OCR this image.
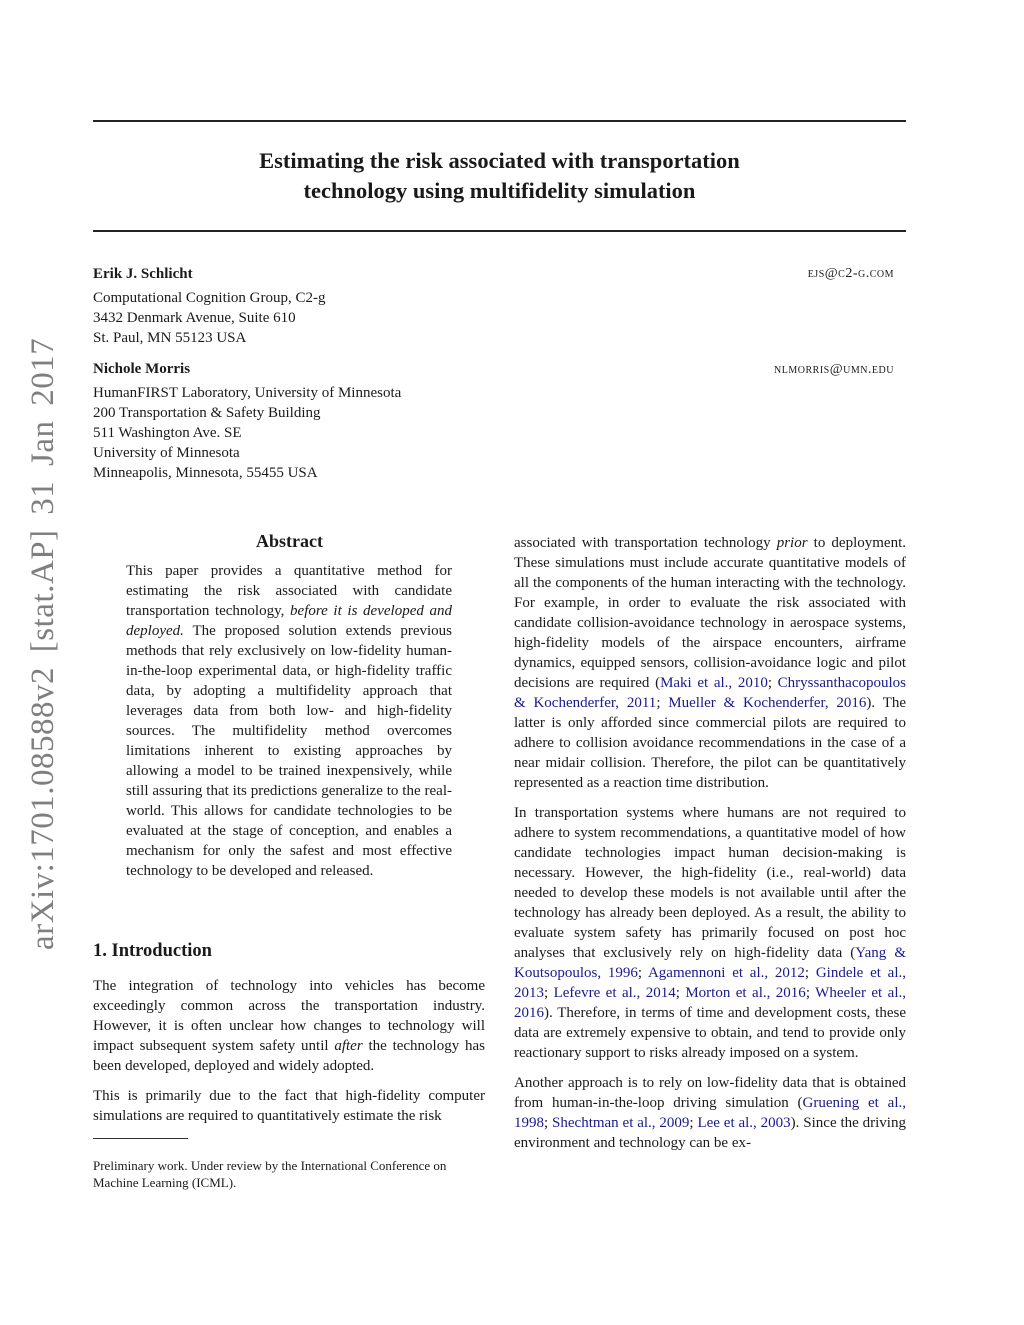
Estimating the risk associated with transportation
technology using multifidelity simulation
Erik J. Schlicht	ejs@c2-g.com
Computational Cognition Group, C2-g
3432 Denmark Avenue, Suite 610
St. Paul, MN 55123 USA
Nichole Morris	nlmorris@umn.edu
HumanFIRST Laboratory, University of Minnesota
200 Transportation & Safety Building
511 Washington Ave. SE
University of Minnesota
Minneapolis, Minnesota, 55455 USA
arXiv:1701.08588v2 [stat.AP] 31 Jan 2017	Abstract
This paper provides a quantitative method for estimating the risk associated with candidate transportation technology, before it is developed and deployed. The proposed solution extends previous methods that rely exclusively on low-fidelity human-in-the-loop experimental data, or high-fidelity traffic data, by adopting a multifidelity approach that leverages data from both low- and high-fidelity sources. The multifidelity method overcomes limitations inherent to existing approaches by allowing a model to be trained inexpensively, while still assuring that its predictions generalize to the real-world. This allows for candidate technologies to be evaluated at the stage of conception, and enables a mechanism for only the safest and most effective technology to be developed and released.
1. Introduction

The integration of technology into vehicles has become exceedingly common across the transportation industry. However, it is often unclear how changes to technology will impact subsequent system safety until after the technology has been developed, deployed and widely adopted.

This is primarily due to the fact that high-fidelity computer simulations are required to quantitatively estimate the risk

Preliminary work. Under review by the International Conference on Machine Learning (ICML).

associated with transportation technology prior to deployment. These simulations must include accurate quantitative models of all the components of the human interacting with the technology. For example, in order to evaluate the risk associated with candidate collision-avoidance technology in aerospace systems, high-fidelity models of the airspace encounters, airframe dynamics, equipped sensors, collision-avoidance logic and pilot decisions are required (Maki et al., 2010; Chryssanthacopoulos & Kochenderfer, 2011; Mueller & Kochenderfer, 2016). The latter is only afforded since commercial pilots are required to adhere to collision avoidance recommendations in the case of a near midair collision. Therefore, the pilot can be quantitatively represented as a reaction time distribution.

In transportation systems where humans are not required to adhere to system recommendations, a quantitative model of how candidate technologies impact human decision-making is necessary. However, the high-fidelity (i.e., real-world) data needed to develop these models is not available until after the technology has already been deployed. As a result, the ability to evaluate system safety has primarily focused on post hoc analyses that exclusively rely on high-fidelity data (Yang & Koutsopoulos, 1996; Agamennoni et al., 2012; Gindele et al., 2013; Lefevre et al., 2014; Morton et al., 2016; Wheeler et al., 2016). Therefore, in terms of time and development costs, these data are extremely expensive to obtain, and tend to provide only reactionary support to risks already imposed on a system.

Another approach is to rely on low-fidelity data that is obtained from human-in-the-loop driving simulation (Gruening et al., 1998; Shechtman et al., 2009; Lee et al., 2003). Since the driving environment and technology can be ex-
